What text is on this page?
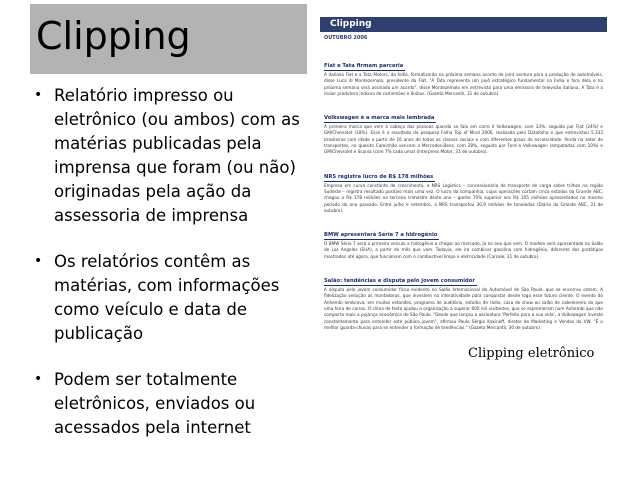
Clipping
• Relatório impresso ou eletrônico (ou ambos) com as matérias publicadas pela imprensa que foram (ou não) originadas pela ação da assessoria de imprensa
• Os relatórios contêm as matérias, com informações como veículo e data de publicação
• Podem ser totalmente eletrônicos, enviados ou acessados pela internet
Clipping
OUTUBRO 2006
Fiat e Tata firmam parceria
A italiana Fiat e a Tata Motors, da Índia, formalizarão na próxima semana acordo de joint venture para a produção de automóveis, disse Luca di Montezemolo, presidente da Fiat. "A Tata representa um pivô estratégico fundamental na Índia e fora dela e na próxima semana será assinado um acordo", disse Montezemolo em entrevista para uma emissora de televisão italiana. A Tata é a maior produtora indiana de caminhões e ônibus. (Gazeta Mercantil, 31 de outubro).
Volkswagen é a marca mais lembrada
A primeira marca que vem à cabeça das pessoas quando se fala em carro é Volkswagen, com 33%, seguida por Fiat (24%) e GM/Chevrolet (18%). Esse é o resultado da pesquisa Folha Top of Mind 2006, realizada pelo Datafolha e que entrevistou 5.333 brasileiros com idade a partir de 16 anos de todas as classes sociais e com diferentes graus de escolaridade. Ainda no setor de transportes, no quesito Caminhão vencem a Mercedes-Benz, com 28%, seguida por Ford e Volkswagen (empatadas com 10%) e GM/Chevrolet e Scania (com 7% cada uma) (Interpress Motor, 31 de outubro).
NRS registra lucro de R$ 178 milhões
Empresa em curva constante de crescimento, a NRS Logistics – concessionária de transporte de carga sobre trilhos na região Sudeste – registra resultado positivo mais uma vez. O lucro da companhia, cujas operações cortam cinco estados da Grande ABC, chegou a R$ 178 milhões no terceiro trimestre deste ano – ganho 70% superior aos R$ 105 milhões apresentados no mesmo período do ano passado. Entre julho e setembro, a NRS transportou 30,9 milhões de toneladas (Diário do Grande ABC, 31 de outubro).
BMW apresentará Série 7 a hidrogênio
O BMW Série 7 será o primeiro veículo a hidrogênio a chegar ao mercado, já no ano que vem. O modelo será apresentado no Salão de Los Angeles (EUA), a partir do mês que vem. Todavia, ele irá combinar gasolina com hidrogênio, diferente dos protótipos mostrados até agora, que funcionam com o combustível limpo e eletricidade (Carsale, 31 de outubro).
Salão: tendências e disputa pelo jovem consumidor
A disputa pelo jovem consumidor ficou evidente no Salão Internacional do Automóvel de São Paulo, que se encerrou ontem. A fidelização sedução as montadoras, que investem na interatividade para conquistar desde logo esse futuro cliente. O evento do Anhembi lembrava, em muitos estandes, programa de auditório, estúdio de rádio, casa de show ou salão de cabeleireiro do que uma feira de carros. O clima de festa ajudou a organização a superar 600 mil visitantes, que se espremeram num Anhembi que não comporta mais a pujança econômica de São Paulo. "Desde que lançou a assinatura 'Perfeito para a sua vida', a Volkswagen investe constantemente para entender este público jovem", afirmou Paulo Sérgio Kakinoff, diretor de Marketing e Vendas da VW. "É o melhor guarda-chuvas para se entender a formação de tendências." (Gazeta Mercantil, 30 de outubro).
Clipping eletrônico
